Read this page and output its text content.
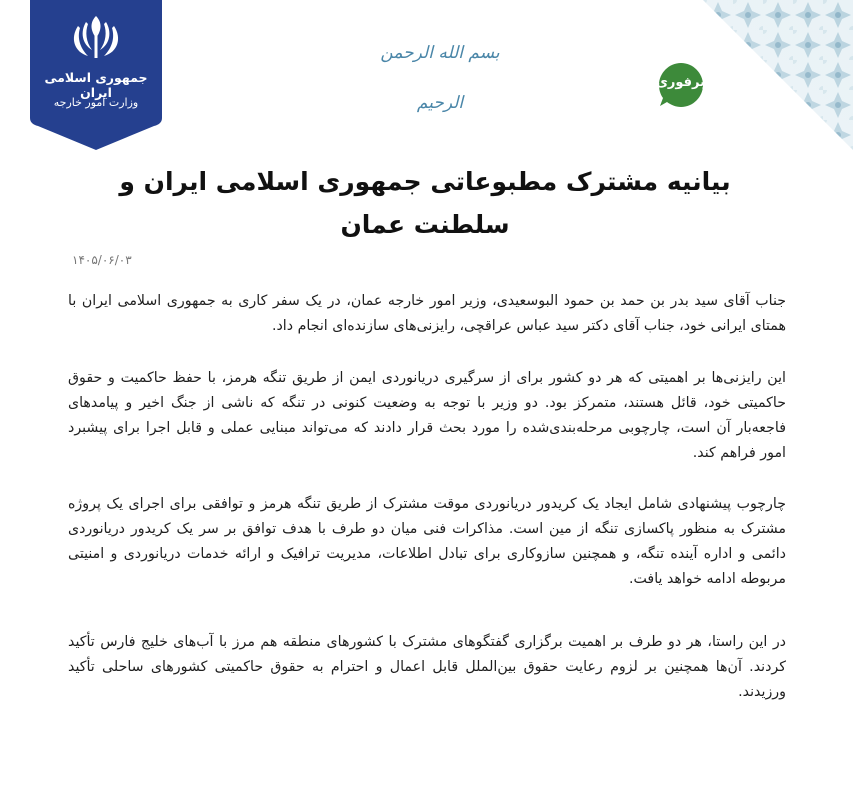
جمهوری اسلامی ایران
وزارت امور خارجه
بسم الله الرحمن الرحیم
صبرفوری
بیانیه مشترک مطبوعاتی جمهوری اسلامی ایران و سلطنت عمان
۱۴۰۵/۰۶/۰۳

جناب آقای سید بدر بن حمد بن حمود البوسعیدی، وزیر امور خارجه عمان، در یک سفر کاری به جمهوری اسلامی ایران با همتای ایرانی خود، جناب آقای دکتر سید عباس عراقچی، رایزنی‌های سازنده‌ای انجام داد.

این رایزنی‌ها بر اهمیتی که هر دو کشور برای از سرگیری دریانوردی ایمن از طریق تنگه هرمز، با حفظ حاکمیت و حقوق حاکمیتی خود، قائل هستند، متمرکز بود. دو وزیر با توجه به وضعیت کنونی در تنگه که ناشی از جنگ اخیر و پیامدهای فاجعه‌بار آن است، چارچوبی مرحله‌بندی‌شده را مورد بحث قرار دادند که می‌تواند مبنایی عملی و قابل اجرا برای پیشبرد امور فراهم کند.

چارچوب پیشنهادی شامل ایجاد یک کریدور دریانوردی موقت مشترک از طریق تنگه هرمز و توافقی برای اجرای یک پروژه مشترک به منظور پاکسازی تنگه از مین است. مذاکرات فنی میان دو طرف با هدف توافق بر سر یک کریدور دریانوردی دائمی و اداره آینده تنگه، و همچنین سازوکاری برای تبادل اطلاعات، مدیریت ترافیک و ارائه خدمات دریانوردی و امنیتی مربوطه ادامه خواهد یافت.

در این راستا، هر دو طرف بر اهمیت برگزاری گفتگوهای مشترک با کشورهای منطقه هم مرز با آب‌های خلیج فارس تأکید کردند. آن‌ها همچنین بر لزوم رعایت حقوق بین‌الملل قابل اعمال و احترام به حقوق حاکمیتی کشورهای ساحلی تأکید ورزیدند.
